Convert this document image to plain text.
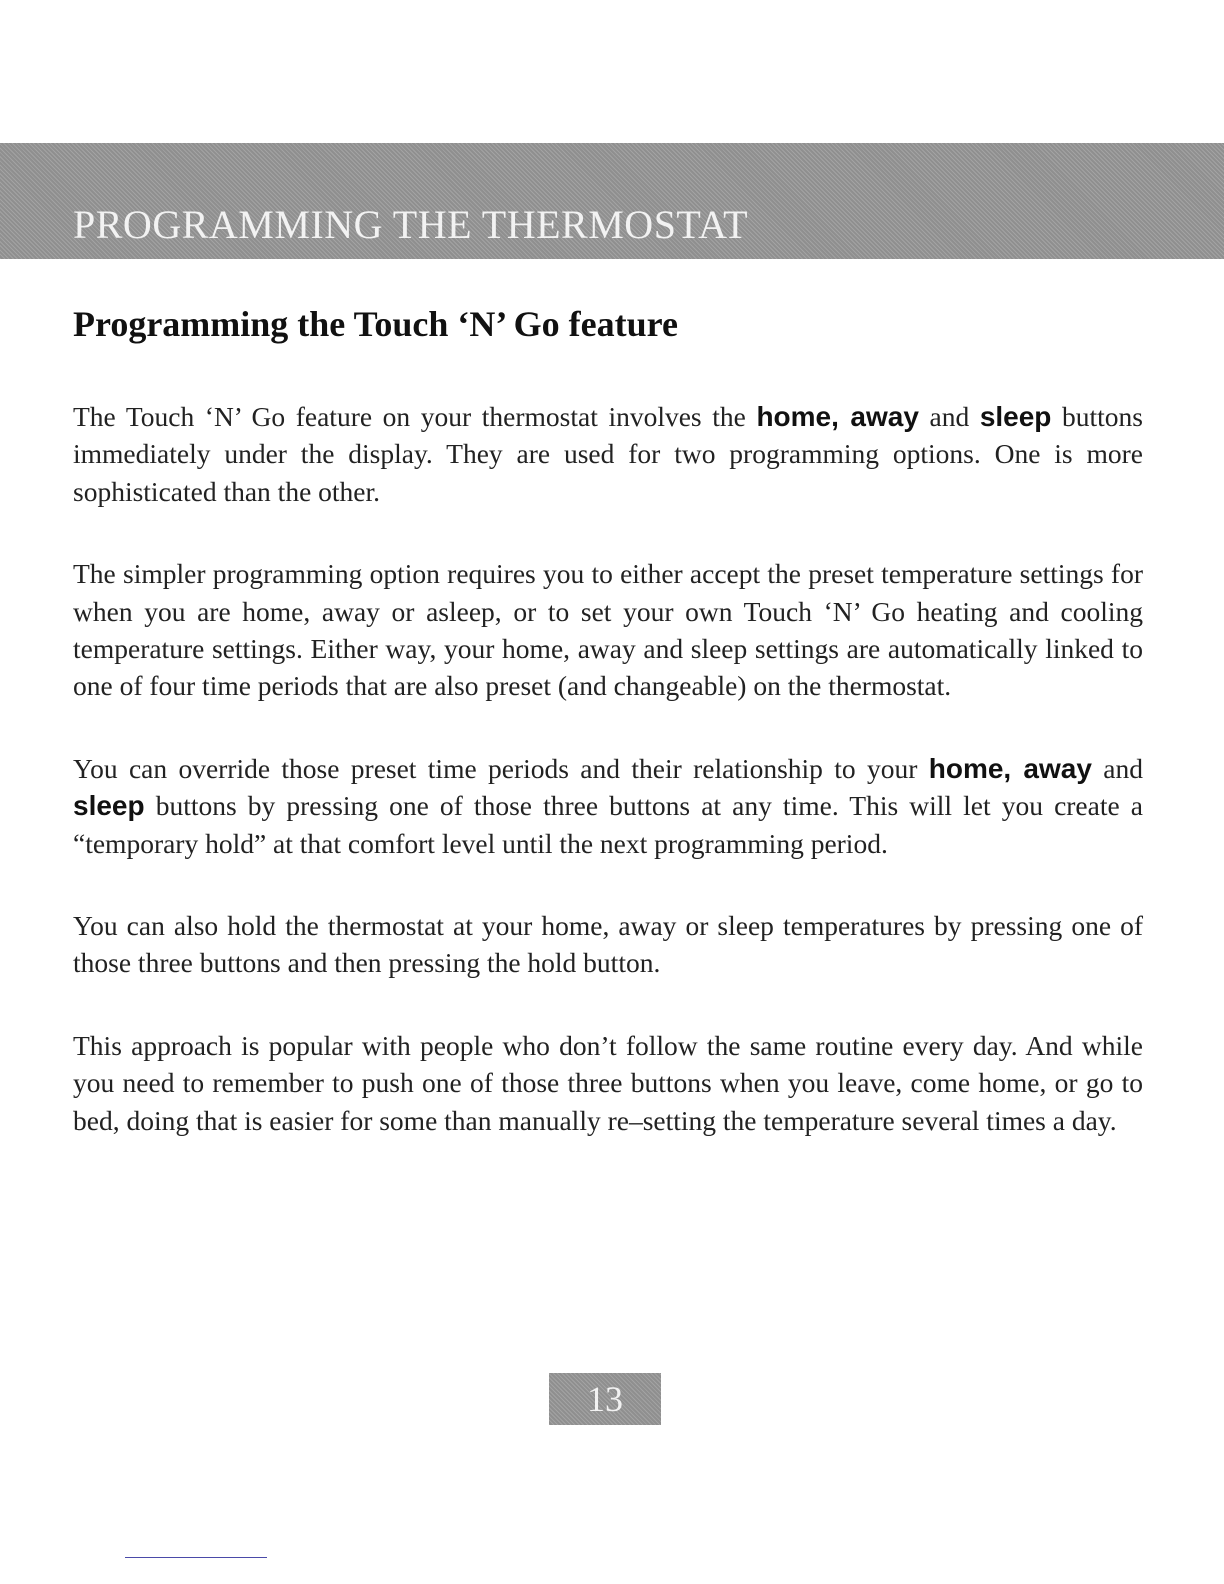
PROGRAMMING THE THERMOSTAT
Programming the Touch ‘N’ Go feature

The Touch ‘N’ Go feature on your thermostat involves the home, away and sleep buttons immediately under the display. They are used for two programming options. One is more sophisticated than the other.

The simpler programming option requires you to either accept the preset temperature settings for when you are home, away or asleep, or to set your own Touch ‘N’ Go heating and cooling temperature settings. Either way, your home, away and sleep settings are automatically linked to one of four time periods that are also preset (and changeable) on the thermostat.

You can override those preset time periods and their relationship to your home, away and sleep buttons by pressing one of those three buttons at any time. This will let you create a “temporary hold” at that comfort level until the next programming period.

You can also hold the thermostat at your home, away or sleep temperatures by pressing one of those three buttons and then pressing the hold button.

This approach is popular with people who don’t follow the same routine every day. And while you need to remember to push one of those three buttons when you leave, come home, or go to bed, doing that is easier for some than manually re–setting the temperature several times a day.

13
